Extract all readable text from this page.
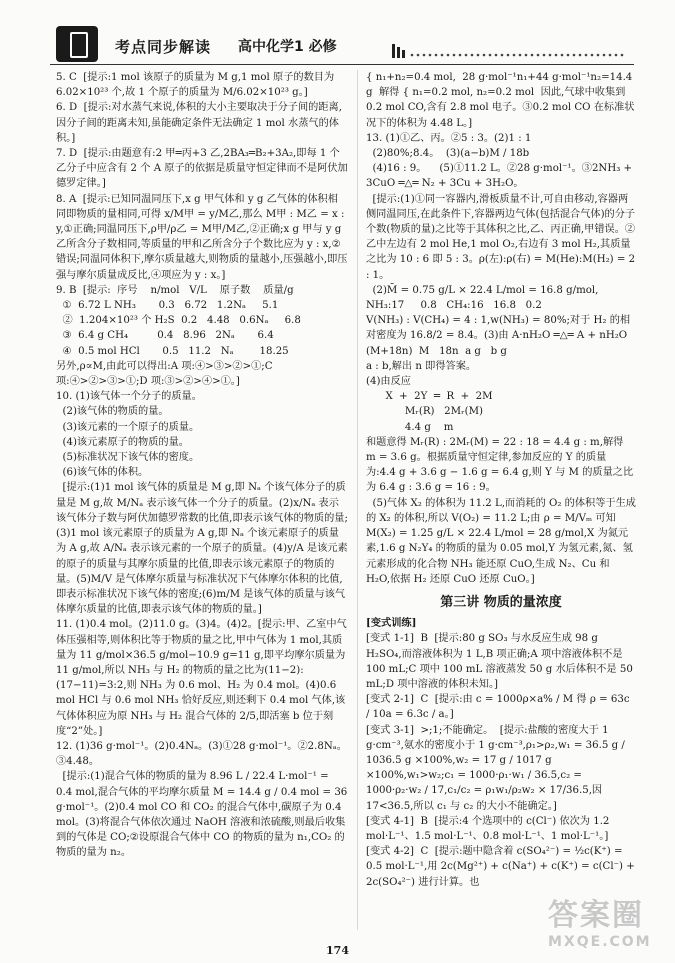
考点同步解读 高中化学1 必修

5. C  [提示:1 mol 该原子的质量为 M g,1 mol 原子的数目为 6.02×10²³ 个,故 1 个原子的质量为 M/6.02×10²³ g。]

6. D  [提示:对水蒸气来说,体积的大小主要取决于分子间的距离,因分子间的距离未知,虽能确定条件无法确定 1 mol 水蒸气的体积。]

7. D  [提示:由题意有:2 甲═丙+3 乙,2BA₃═B₂+3A₂,即每 1 个乙分子中应含有 2 个 A 原子的依据是质量守恒定律而不是阿伏加德罗定律。]

8. A  [提示:已知同温同压下,x g 甲气体和 y g 乙气体的体积相同即物质的量相同,可得 x/M甲 = y/M乙,那么 M甲 : M乙 = x : y,①正确;同温同压下,ρ甲/ρ乙 = M甲/M乙,②正确;x g 甲与 y g 乙所含分子数相同,等质量的甲和乙所含分子个数比应为 y : x,②错误;同温同体积下,摩尔质量越大,则物质的量越小,压强越小,即压强与摩尔质量成反比,④项应为 y : x。]

9. B  [提示:  序号    n/mol   V/L    原子数    质量/g

①  6.72 L NH₃       0.3   6.72   1.2Nₐ     5.1

②  1.204×10²³ 个 H₂S  0.2   4.48   0.6Nₐ     6.8

③  6.4 g CH₄         0.4   8.96   2Nₐ       6.4

④  0.5 mol HCl       0.5   11.2   Nₐ        18.25

另外,ρ∝M,由此可以得出:A 项:④>③>②>①;C 项:④>②>③>①;D 项:③>②>④>①。]

10. (1)该气体一个分子的质量。

(2)该气体的物质的量。

(3)该元素的一个原子的质量。

(4)该元素原子的物质的量。

(5)标准状况下该气体的密度。

(6)该气体的体积。

[提示:(1)1 mol 该气体的质量是 M g,即 Nₐ 个该气体分子的质量是 M g,故 M/Nₐ 表示该气体一个分子的质量。(2)x/Nₐ 表示该气体分子数与阿伏加德罗常数的比值,即表示该气体的物质的量;(3)1 mol 该元素原子的质量为 A g,即 Nₐ 个该元素原子的质量为 A g,故 A/Nₐ 表示该元素的一个原子的质量。(4)y/A 是该元素的原子的质量与其摩尔质量的比值,即表示该元素原子的物质的量。(5)M/V 是气体摩尔质量与标准状况下气体摩尔体积的比值,即表示标准状况下该气体的密度;(6)m/M 是该气体的质量与该气体摩尔质量的比值,即表示该气体的物质的量。]

11. (1)0.4 mol。(2)11.0 g。(3)4。(4)2。[提示:甲、乙室中气体压强相等,则体积比等于物质的量之比,甲中气体为 1 mol,其质量为 11 g/mol×36.5 g/mol−10.9 g=11 g,即平均摩尔质量为 11 g/mol,所以 NH₃ 与 H₂ 的物质的量之比为(11−2):(17−11)=3:2,则 NH₃ 为 0.6 mol、H₂ 为 0.4 mol。(4)0.6 mol HCl 与 0.6 mol NH₃ 恰好反应,则还剩下 0.4 mol 气体,该气体体积应为原 NH₃ 与 H₂ 混合气体的 2/5,即活塞 b 位于刻度“2”处。]

12. (1)36 g·mol⁻¹。(2)0.4Nₐ。(3)①28 g·mol⁻¹。②2.8Nₐ。③4.48。

[提示:(1)混合气体的物质的量为 8.96 L / 22.4 L·mol⁻¹ = 0.4 mol,混合气体的平均摩尔质量 M = 14.4 g / 0.4 mol = 36 g·mol⁻¹。(2)0.4 mol CO 和 CO₂ 的混合气体中,碳原子为 0.4 mol。(3)将混合气体依次通过 NaOH 溶液和浓硫酸,则最后收集到的气体是 CO;②设原混合气体中 CO 的物质的量为 n₁,CO₂ 的物质的量为 n₂。

{ n₁+n₂=0.4 mol,  28 g·mol⁻¹n₁+44 g·mol⁻¹n₂=14.4 g  解得 { n₁=0.2 mol, n₂=0.2 mol  因此,气球中收集到 0.2 mol CO,含有 2.8 mol 电子。③0.2 mol CO 在标准状况下的体积为 4.48 L。]

13. (1)①乙、丙。②5 : 3。(2)1 : 1

(2)80%;8.4。  (3)(a−b)M / 18b

(4)16 : 9。    (5)①11.2 L。②28 g·mol⁻¹。③2NH₃ + 3CuO ═△═ N₂ + 3Cu + 3H₂O。

[提示:(1)①同一容器内,滑板质量不计,可自由移动,容器两侧同温同压,在此条件下,容器两边气体(包括混合气体)的分子个数(物质的量)之比等于其体积之比,乙、丙正确,甲错误。②乙中左边有 2 mol He,1 mol O₂,右边有 3 mol H₂,其质量之比为 10 : 6 即 5 : 3。ρ(左):ρ(右) = M(He):M(H₂) = 2 : 1。

(2)M̄ = 0.75 g/L × 22.4 L/mol = 16.8 g/mol,  NH₃:17     0.8   CH₄:16   16.8   0.2

V(NH₃) : V(CH₄) = 4 : 1,w(NH₃) = 80%;对于 H₂ 的相对密度为 16.8/2 = 8.4。(3)由 A·nH₂O ═△═ A + nH₂O  (M+18n)  M   18n  a g   b g

a : b,解出 n 即得答案。

(4)由反应

X  +  2Y  ═  R  +  2M

Mᵣ(R)   2Mᵣ(M)

4.4 g    m

和题意得 Mᵣ(R) : 2Mᵣ(M) = 22 : 18 = 4.4 g : m,解得 m = 3.6 g。根据质量守恒定律,参加反应的 Y 的质量为:4.4 g + 3.6 g − 1.6 g = 6.4 g,则 Y 与 M 的质量之比为 6.4 g : 3.6 g = 16 : 9。

(5)气体 X₂ 的体积为 11.2 L,而消耗的 O₂ 的体积等于生成的 X₂ 的体积,所以 V(O₂) = 11.2 L;由 ρ = M/Vₘ 可知 M(X₂) = 1.25 g/L × 22.4 L/mol = 28 g/mol,X 为氮元素,1.6 g N₂Y₄ 的物质的量为 0.05 mol,Y 为氢元素,氮、氢元素形成的化合物 NH₃ 能还原 CuO,生成 N₂、Cu 和 H₂O,依据 H₂ 还原 CuO 还原 CuO。]

第三讲 物质的量浓度

[变式训练]

[变式 1-1]  B  [提示:80 g SO₃ 与水反应生成 98 g H₂SO₄,而溶液体积为 1 L,B 项正确;A 项中溶液体积不是 100 mL;C 项中 100 mL 溶液蒸发 50 g 水后体积不是 50 mL;D 项中溶液的体积未知。]

[变式 2-1]  C  [提示:由 c = 1000ρ×a% / M 得 ρ = 63c / 10a = 6.3c / a。]

[变式 3-1]  >;1;不能确定。  [提示:盐酸的密度大于 1 g·cm⁻³,氨水的密度小于 1 g·cm⁻³,ρ₁>ρ₂,w₁ = 36.5 g / 1036.5 g ×100%,w₂ = 17 g / 1017 g ×100%,w₁>w₂;c₁ = 1000·ρ₁·w₁ / 36.5,c₂ = 1000·ρ₂·w₂ / 17,c₁/c₂ = ρ₁w₁/ρ₂w₂ × 17/36.5,因 17<36.5,所以 c₁ 与 c₂ 的大小不能确定。]

[变式 4-1]  B  [提示:4 个选项中的 c(Cl⁻) 依次为 1.2 mol·L⁻¹、1.5 mol·L⁻¹、0.8 mol·L⁻¹、1 mol·L⁻¹。]

[变式 4-2]  C  [提示:题中隐含着 c(SO₄²⁻) = ½c(K⁺) = 0.5 mol·L⁻¹,用 2c(Mg²⁺) + c(Na⁺) + c(K⁺) = c(Cl⁻) + 2c(SO₄²⁻) 进行计算。也

174
答案圈
MXQE.COM
